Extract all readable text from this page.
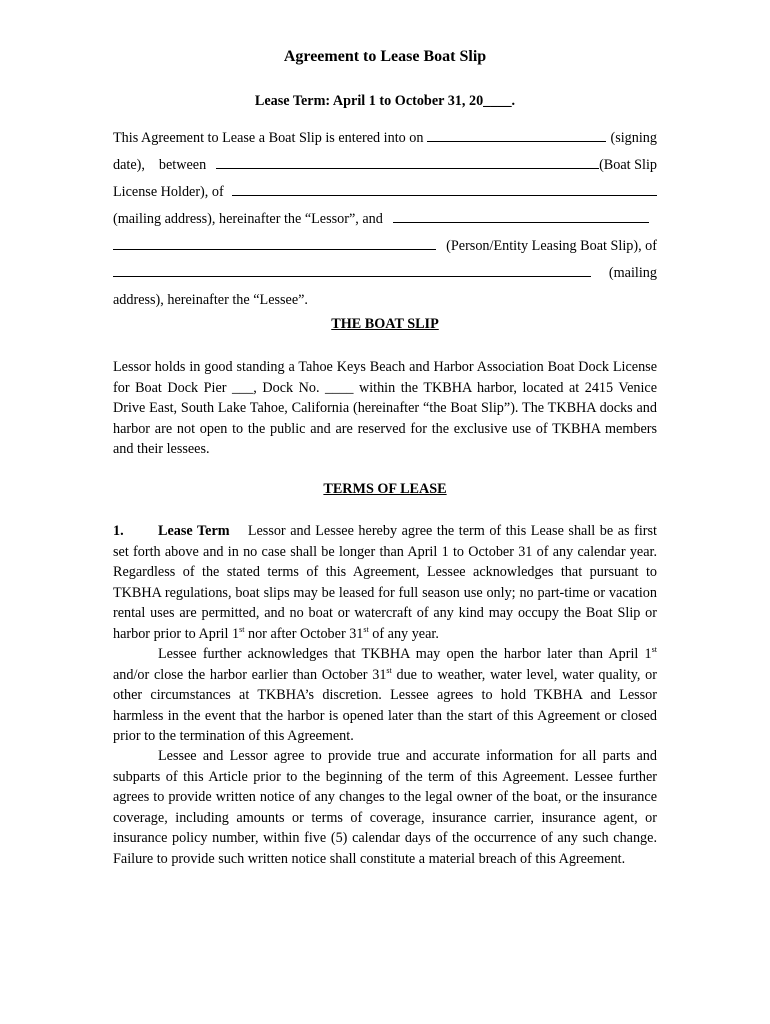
Agreement to Lease Boat Slip
Lease Term: April 1 to October 31, 20____.
This Agreement to Lease a Boat Slip is entered into on	(signing
date), between	(Boat Slip
License Holder), of
(mailing address), hereinafter the “Lessor”, and
(Person/Entity Leasing Boat Slip), of
(mailing
address), hereinafter the “Lessee”.
THE BOAT SLIP

Lessor holds in good standing a Tahoe Keys Beach and Harbor Association Boat Dock License for Boat Dock Pier ___, Dock No. ____ within the TKBHA harbor, located at 2415 Venice Drive East, South Lake Tahoe, California (hereinafter “the Boat Slip”). The TKBHA docks and harbor are not open to the public and are reserved for the exclusive use of TKBHA members and their lessees.

TERMS OF LEASE

1. Lease Term Lessor and Lessee hereby agree the term of this Lease shall be as first set forth above and in no case shall be longer than April 1 to October 31 of any calendar year. Regardless of the stated terms of this Agreement, Lessee acknowledges that pursuant to TKBHA regulations, boat slips may be leased for full season use only; no part-time or vacation rental uses are permitted, and no boat or watercraft of any kind may occupy the Boat Slip or harbor prior to April 1st nor after October 31st of any year.

Lessee further acknowledges that TKBHA may open the harbor later than April 1st and/or close the harbor earlier than October 31st due to weather, water level, water quality, or other circumstances at TKBHA’s discretion. Lessee agrees to hold TKBHA and Lessor harmless in the event that the harbor is opened later than the start of this Agreement or closed prior to the termination of this Agreement.

Lessee and Lessor agree to provide true and accurate information for all parts and subparts of this Article prior to the beginning of the term of this Agreement. Lessee further agrees to provide written notice of any changes to the legal owner of the boat, or the insurance coverage, including amounts or terms of coverage, insurance carrier, insurance agent, or insurance policy number, within five (5) calendar days of the occurrence of any such change. Failure to provide such written notice shall constitute a material breach of this Agreement.
